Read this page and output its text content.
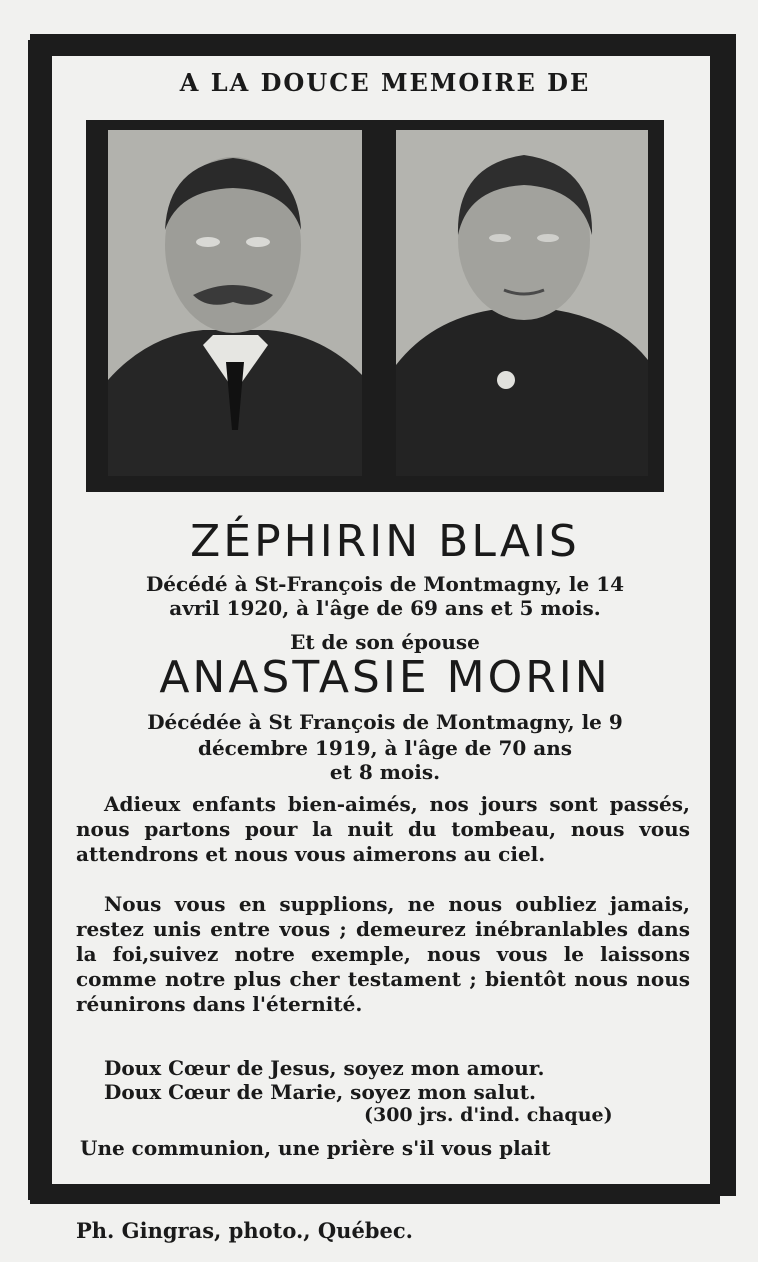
A LA DOUCE MEMOIRE DE
ZÉPHIRIN BLAIS
Décédé à St-François de Montmagny, le 14
avril 1920, à l'âge de 69 ans et 5 mois.
Et de son épouse
ANASTASIE MORIN
Décédée à St François de Montmagny, le 9
décembre 1919, à l'âge de 70 ans
et 8 mois.
Adieux enfants bien-aimés, nos jours sont passés, nous partons pour la nuit du tombeau, nous vous attendrons et nous vous aimerons au ciel.
Nous vous en supplions, ne nous oubliez jamais, restez unis entre vous ; demeurez inébranlables dans la foi,suivez notre exemple, nous vous le laissons comme notre plus cher testament ; bientôt nous nous réunirons dans l'éternité.
Doux Cœur de Jesus, soyez mon amour.
Doux Cœur de Marie, soyez mon salut.
(300 jrs. d'ind. chaque)
Une communion, une prière s'il vous plait
Ph. Gingras, photo., Québec.
